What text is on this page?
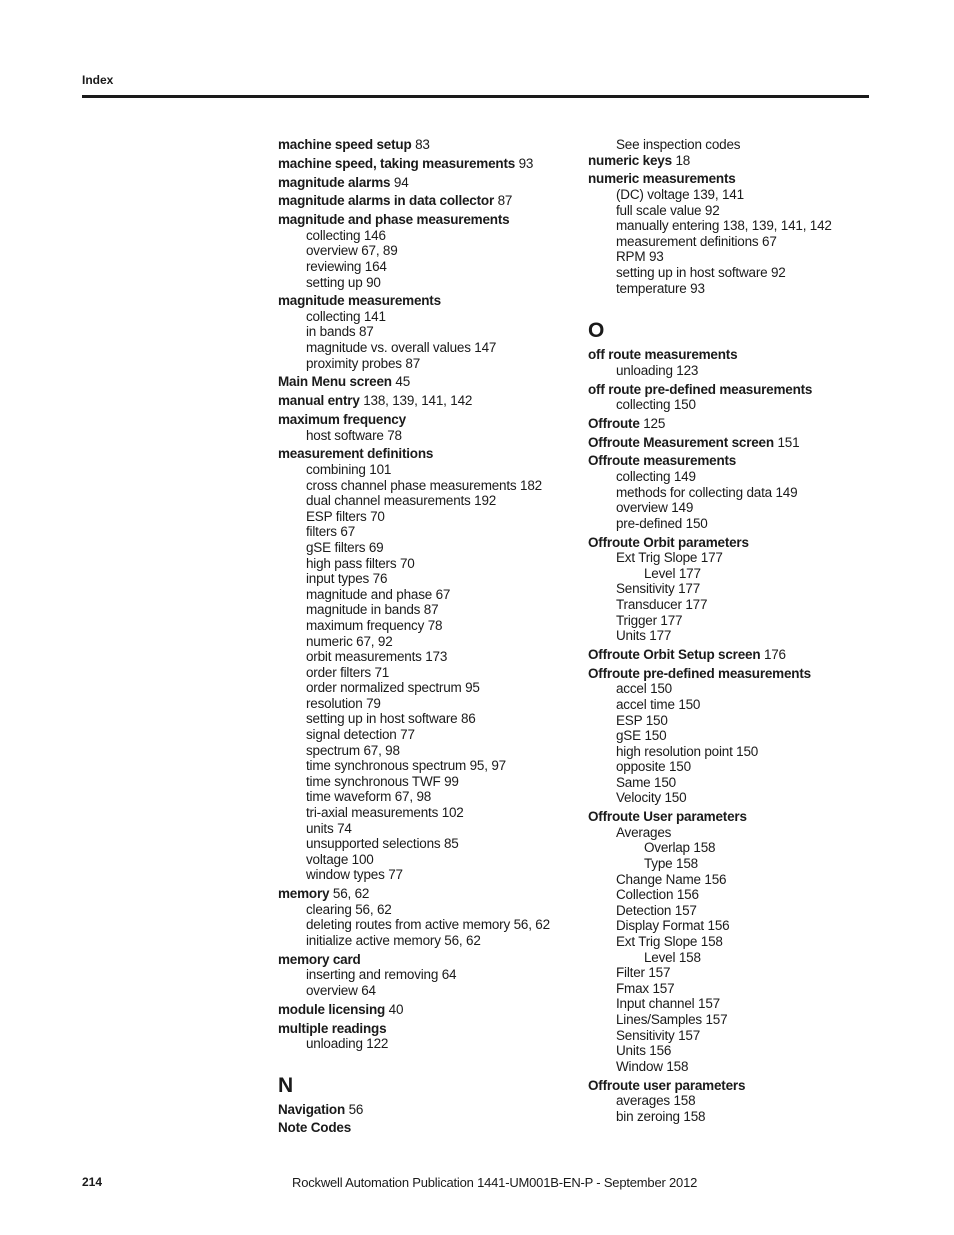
Index
machine speed setup 83
machine speed, taking measurements 93
magnitude alarms 94
magnitude alarms in data collector 87
magnitude and phase measurements
collecting 146
overview 67, 89
reviewing 164
setting up 90
magnitude measurements
collecting 141
in bands 87
magnitude vs. overall values 147
proximity probes 87
Main Menu screen 45
manual entry 138, 139, 141, 142
maximum frequency
host software 78
measurement definitions
combining 101
cross channel phase measurements 182
dual channel measurements 192
ESP filters 70
filters 67
gSE filters 69
high pass filters 70
input types 76
magnitude and phase 67
magnitude in bands 87
maximum frequency 78
numeric 67, 92
orbit measurements 173
order filters 71
order normalized spectrum 95
resolution 79
setting up in host software 86
signal detection 77
spectrum 67, 98
time synchronous spectrum 95, 97
time synchronous TWF 99
time waveform 67, 98
tri-axial measurements 102
units 74
unsupported selections 85
voltage 100
window types 77
memory 56, 62
clearing 56, 62
deleting routes from active memory 56, 62
initialize active memory 56, 62
memory card
inserting and removing 64
overview 64
module licensing 40
multiple readings
unloading 122
N
Navigation 56
Note Codes
See inspection codes
numeric keys 18
numeric measurements
(DC) voltage 139, 141
full scale value 92
manually entering 138, 139, 141, 142
measurement definitions 67
RPM 93
setting up in host software 92
temperature 93
O
off route measurements
unloading 123
off route pre-defined measurements
collecting 150
Offroute 125
Offroute Measurement screen 151
Offroute measurements
collecting 149
methods for collecting data 149
overview 149
pre-defined 150
Offroute Orbit parameters
Ext Trig Slope 177
Level 177
Sensitivity 177
Transducer 177
Trigger 177
Units 177
Offroute Orbit Setup screen 176
Offroute pre-defined measurements
accel 150
accel time 150
ESP 150
gSE 150
high resolution point 150
opposite 150
Same 150
Velocity 150
Offroute User parameters
Averages
Overlap 158
Type 158
Change Name 156
Collection 156
Detection 157
Display Format 156
Ext Trig Slope 158
Level 158
Filter 157
Fmax 157
Input channel 157
Lines/Samples 157
Sensitivity 157
Units 156
Window 158
Offroute user parameters
averages 158
bin zeroing 158
214	Rockwell Automation Publication 1441-UM001B-EN-P - September 2012
